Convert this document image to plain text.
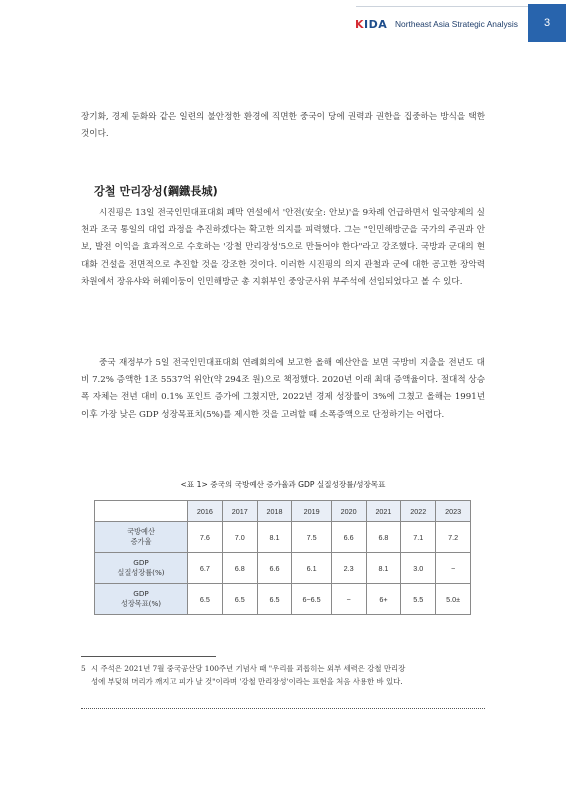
KIDA Northeast Asia Strategic Analysis	3
장기화, 경제 둔화와 같은 일련의 불안정한 환경에 직면한 중국이 당에 권력과 권한을 집중하는 방식을 택한 것이다.
강철 만리장성(鋼鐵長城)
시진핑은 13일 전국인민대표대회 폐막 연설에서 '안전(安全: 안보)'을 9차례 언급하면서 일국양제의 실천과 조국 통일의 대업 과정을 추진하겠다는 확고한 의지를 피력했다. 그는 "인민해방군을 국가의 주권과 안보, 발전 이익을 효과적으로 수호하는 '강철 만리장성'5으로 만들어야 한다"라고 강조했다. 국방과 군대의 현대화 건설을 전면적으로 추진할 것을 강조한 것이다. 이러한 시진핑의 의지 관철과 군에 대한 공고한 장악력 차원에서 장유샤와 허웨이둥이 인민해방군 총 지휘부인 중앙군사위 부주석에 선임되었다고 볼 수 있다.
중국 재정부가 5일 전국인민대표대회 연례회의에 보고한 올해 예산안을 보면 국방비 지출을 전년도 대비 7.2% 증액한 1조 5537억 위안(약 294조 원)으로 책정했다. 2020년 이래 최대 증액율이다. 절대적 상승 폭 자체는 전년 대비 0.1% 포인트 증가에 그쳤지만, 2022년 경제 성장률이 3%에 그쳤고 올해는 1991년 이후 가장 낮은 GDP 성장목표치(5%)를 제시한 것을 고려할 때 소폭증액으로 단정하기는 어렵다.
<표 1> 중국의 국방예산 증가율과 GDP 실질성장률/성장목표
	2016	2017	2018	2019	2020	2021	2022	2023
국방예산
증가율	7.6	7.0	8.1	7.5	6.6	6.8	7.1	7.2
GDP
실질성장률(%)	6.7	6.8	6.6	6.1	2.3	8.1	3.0	−
GDP
성장목표(%)	6.5	6.5	6.5	6~6.5	−	6+	5.5	5.0±
5 시 주석은 2021년 7월 중국공산당 100주년 기념사 때 "우리를 괴롭히는 외부 세력은 강철 만리장
성에 부딪혀 머리가 깨지고 피가 날 것"이라며 '강철 만리장성'이라는 표현을 처음 사용한 바 있다.
